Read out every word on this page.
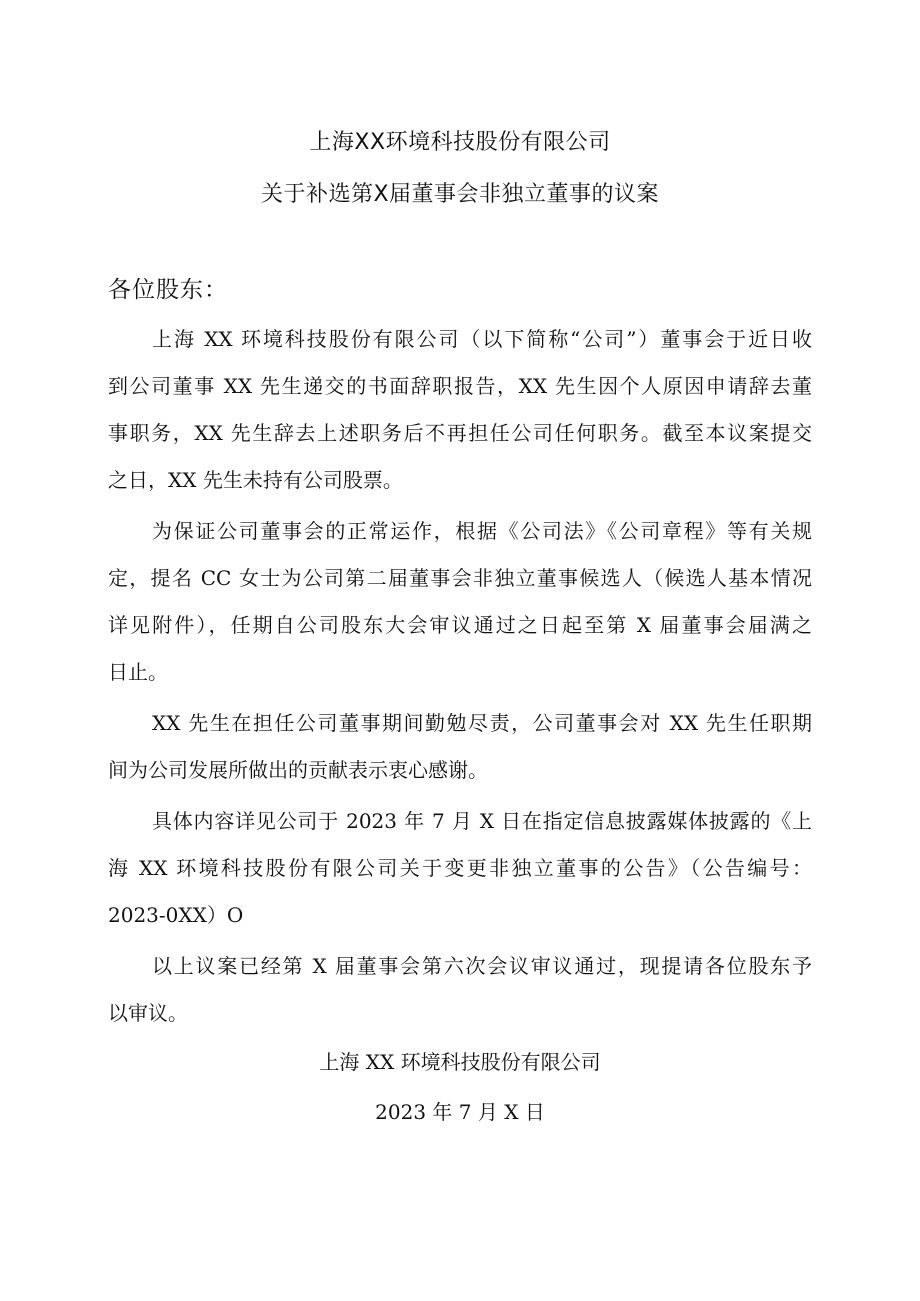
上海XX环境科技股份有限公司
关于补选第X届董事会非独立董事的议案
各位股东：
上海 XX 环境科技股份有限公司（以下简称“公司”）董事会于近日收
到公司董事 XX 先生递交的书面辞职报告，XX 先生因个人原因申请辞去董
事职务，XX 先生辞去上述职务后不再担任公司任何职务。截至本议案提交
之日，XX 先生未持有公司股票。
为保证公司董事会的正常运作，根据《公司法》《公司章程》等有关规
定，提名 CC 女士为公司第二届董事会非独立董事候选人（候选人基本情况
详见附件），任期自公司股东大会审议通过之日起至第 X 届董事会届满之
日止。
XX 先生在担任公司董事期间勤勉尽责，公司董事会对 XX 先生任职期
间为公司发展所做出的贡献表示衷心感谢。
具体内容详见公司于 2023 年 7 月 X 日在指定信息披露媒体披露的《上
海 XX 环境科技股份有限公司关于变更非独立董事的公告》（公告编号：
2023-0XX）O
以上议案已经第 X 届董事会第六次会议审议通过，现提请各位股东予
以审议。
上海 XX 环境科技股份有限公司
2023 年 7 月 X 日
